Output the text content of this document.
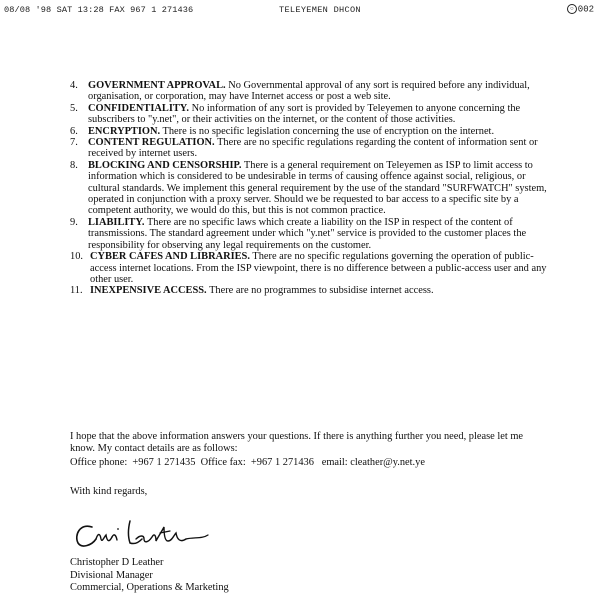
08/08 '98 SAT 13:28 FAX 967 1 271436	TELEYEMEN DHCON	○ 002
4. GOVERNMENT APPROVAL. No Governmental approval of any sort is required before any individual, organisation, or corporation, may have Internet access or post a web site.
5. CONFIDENTIALITY. No information of any sort is provided by Teleyemen to anyone concerning the subscribers to "y.net", or their activities on the internet, or the content of those activities.
6. ENCRYPTION. There is no specific legislation concerning the use of encryption on the internet.
7. CONTENT REGULATION. There are no specific regulations regarding the content of information sent or received by internet users.
8. BLOCKING AND CENSORSHIP. There is a general requirement on Teleyemen as ISP to limit access to information which is considered to be undesirable in terms of causing offence against social, religious, or cultural standards. We implement this general requirement by the use of the standard "SURFWATCH" system, operated in conjunction with a proxy server. Should we be requested to bar access to a specific site by a competent authority, we would do this, but this is not common practice.
9. LIABILITY. There are no specific laws which create a liability on the ISP in respect of the content of transmissions. The standard agreement under which "y.net" service is provided to the customer places the responsibility for observing any legal requirements on the customer.
10. CYBER CAFES AND LIBRARIES. There are no specific regulations governing the operation of public-access internet locations. From the ISP viewpoint, there is no difference between a public-access user and any other user.
11. INEXPENSIVE ACCESS. There are no programmes to subsidise internet access.

I hope that the above information answers your questions. If there is anything further you need, please let me know. My contact details are as follows:

Office phone:  +967 1 271435  Office fax:  +967 1 271436   email: cleather@y.net.ye

With kind regards,

Christopher D Leather
Divisional Manager
Commercial, Operations & Marketing
